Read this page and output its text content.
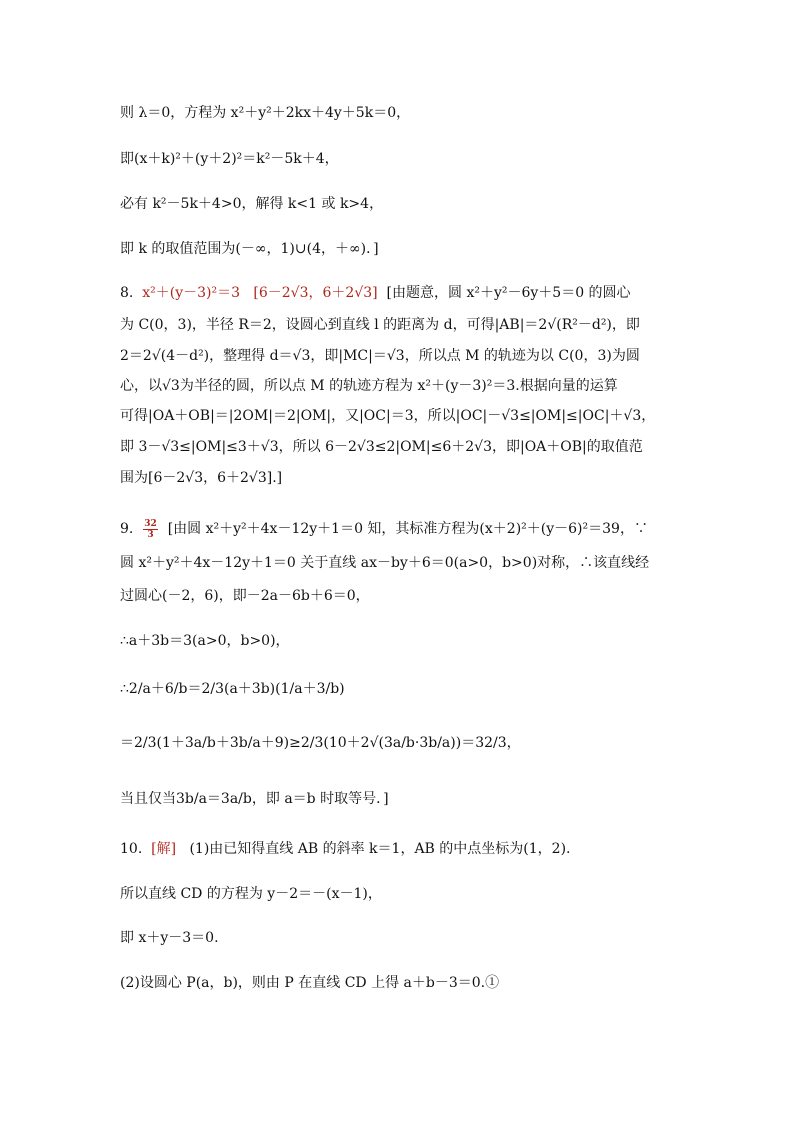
则 λ＝0，方程为 x²＋y²＋2kx＋4y＋5k＝0，
即(x＋k)²＋(y＋2)²＝k²－5k＋4，
必有 k²－5k＋4>0，解得 k<1 或 k>4，
即 k 的取值范围为(－∞，1)∪(4，＋∞)．]
8. x²＋(y－3)²＝3 [6－2√3，6＋2√3] [由题意，圆 x²＋y²－6y＋5＝0 的圆心
为 C(0，3)，半径 R＝2，设圆心到直线 l 的距离为 d，可得|AB|＝2√(R²－d²)，即
2＝2√(4－d²)，整理得 d＝√3，即|MC|＝√3，所以点 M 的轨迹为以 C(0，3)为圆
心，以√3为半径的圆，所以点 M 的轨迹方程为 x²＋(y－3)²＝3.根据向量的运算
可得|OA＋OB|＝|2OM|＝2|OM|，又|OC|＝3，所以|OC|－√3≤|OM|≤|OC|＋√3，
即 3－√3≤|OM|≤3＋√3，所以 6－2√3≤2|OM|≤6＋2√3，即|OA＋OB|的取值范
围为[6－2√3，6＋2√3].]
9. $\frac{32}{3}$ [由圆 x²＋y²＋4x－12y＋1＝0 知，其标准方程为(x＋2)²＋(y－6)²＝39，∵
圆 x²＋y²＋4x－12y＋1＝0 关于直线 ax－by＋6＝0(a>0，b>0)对称，∴该直线经
过圆心(－2，6)，即－2a－6b＋6＝0，
∴a＋3b＝3(a>0，b>0)，
∴2/a＋6/b＝2/3(a＋3b)(1/a＋3/b)
＝2/3(1＋3a/b＋3b/a＋9)≥2/3(10＋2√(3a/b·3b/a))＝32/3，
当且仅当3b/a＝3a/b，即 a＝b 时取等号．]
10. [解] (1)由已知得直线 AB 的斜率 k＝1，AB 的中点坐标为(1，2).
所以直线 CD 的方程为 y－2＝－(x－1)，
即 x＋y－3＝0.
(2)设圆心 P(a，b)，则由 P 在直线 CD 上得 a＋b－3＝0.①
